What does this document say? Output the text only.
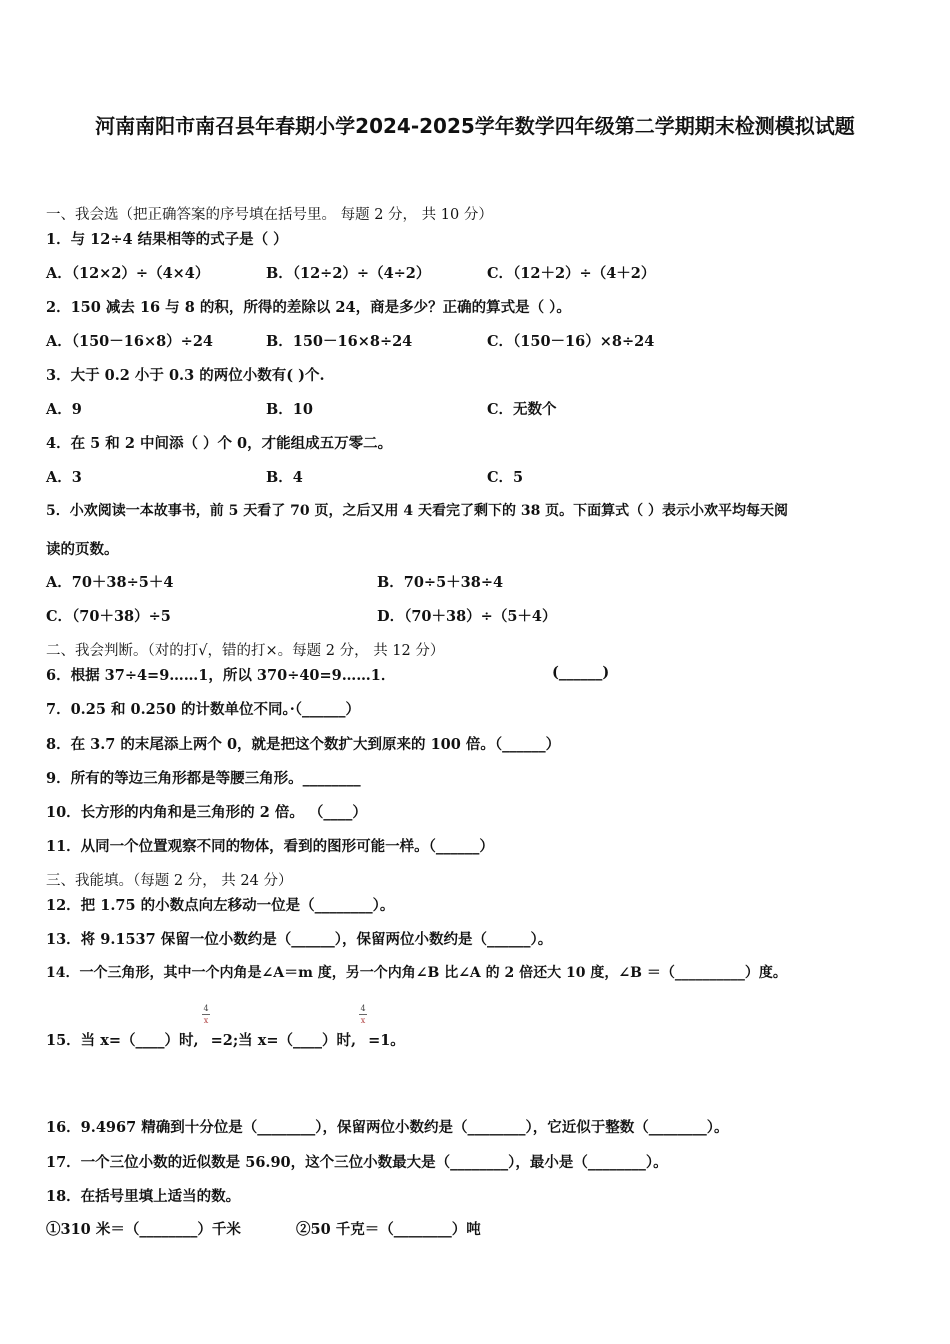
河南南阳市南召县年春期小学2024-2025学年数学四年级第二学期期末检测模拟试题
一、我会选（把正确答案的序号填在括号里。 每题 2 分， 共 10 分）
1．与 12÷4 结果相等的式子是（ ）
A．（12×2）÷（4×4）	B．（12÷2）÷（4÷2）	C．（12＋2）÷（4＋2）
2．150 减去 16 与 8 的积，所得的差除以 24，商是多少？正确的算式是（ ）。
A．（150－16×8）÷24	B．150－16×8÷24	C．（150－16）×8÷24
3．大于 0.2 小于 0.3 的两位小数有( )个.
A．9	B．10	C．无数个
4．在 5 和 2 中间添（ ）个 0，才能组成五万零二。
A．3	B．4	C．5
5．小欢阅读一本故事书，前 5 天看了 70 页，之后又用 4 天看完了剩下的 38 页。下面算式（ ）表示小欢平均每天阅
读的页数。
A．70＋38÷5＋4	B．70÷5＋38÷4
C．（70＋38）÷5	D．（70＋38）÷（5＋4）
二、我会判断。（对的打√，错的打×。每题 2 分， 共 12 分）
6．根据 37÷4=9……1，所以 370÷40=9……1．	(______)
7．0.25 和 0.250 的计数单位不同。·（______）
8．在 3.7 的末尾添上两个 0，就是把这个数扩大到原来的 100 倍。（______）
9．所有的等边三角形都是等腰三角形。________
10．长方形的内角和是三角形的 2 倍。 （____）
11．从同一个位置观察不同的物体，看到的图形可能一样。（______）
三、我能填。（每题 2 分， 共 24 分）
12．把 1.75 的小数点向左移动一位是（________）。
13．将 9.1537 保留一位小数约是（______），保留两位小数约是（______）。
14．一个三角形，其中一个内角是∠A＝m 度，另一个内角∠B 比∠A 的 2 倍还大 10 度，∠B ＝（__________）度。
15．当 x=（____）时, =2;当 x=（____）时, =1。
4
x
4
x
16．9.4967 精确到十分位是（________），保留两位小数约是（________），它近似于整数（________）。
17．一个三位小数的近似数是 56.90，这个三位小数最大是（________），最小是（________）。
18．在括号里填上适当的数。
①310 米＝（________）千米	②50 千克＝（________）吨
